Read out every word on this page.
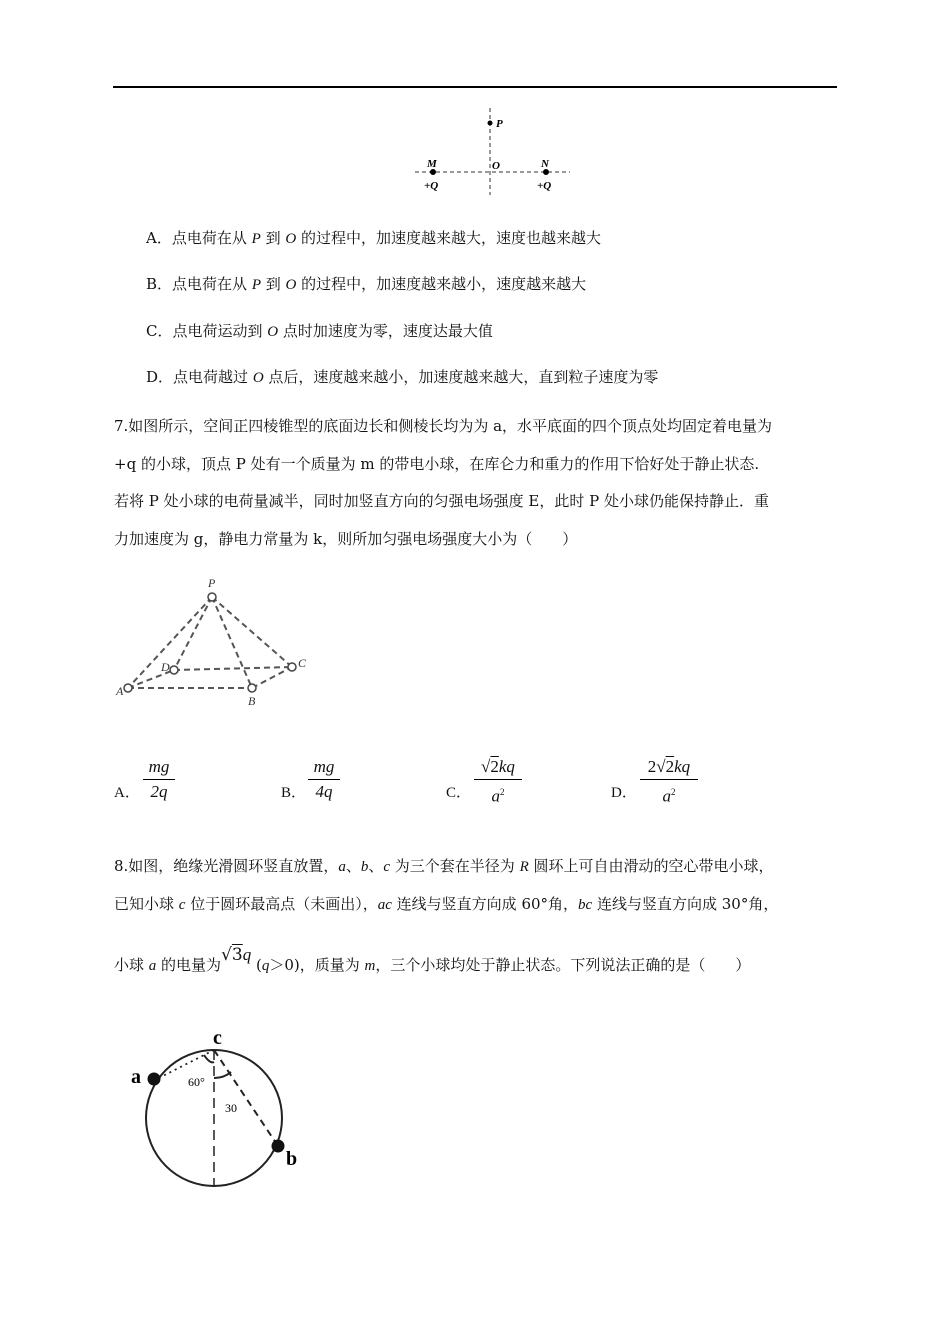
P
O
M	N
+Q	+Q
A．点电荷在从 P 到 O 的过程中，加速度越来越大，速度也越来越大
B．点电荷在从 P 到 O 的过程中，加速度越来越小，速度越来越大
C．点电荷运动到 O 点时加速度为零，速度达最大值
D．点电荷越过 O 点后，速度越来越小，加速度越来越大，直到粒子速度为零
7.如图所示，空间正四棱锥型的底面边长和侧棱长均为为 a，水平底面的四个顶点处均固定着电量为
+q 的小球，顶点 P 处有一个质量为 m 的带电小球，在库仑力和重力的作用下恰好处于静止状态.
若将 P 处小球的电荷量减半，同时加竖直方向的匀强电场强度 E，此时 P 处小球仍能保持静止．重
力加速度为 g，静电力常量为 k，则所加匀强电场强度大小为（　　）
P
D	C
B
A
A．
mg
2q	B．
mg
4q	C．
√2kq
$a^2$	D．
2√2kq
$a^2$
8.如图，绝缘光滑圆环竖直放置，a、b、c 为三个套在半径为 R 圆环上可自由滑动的空心带电小球，
已知小球 c 位于圆环最高点（未画出），ac 连线与竖直方向成 60°角，bc 连线与竖直方向成 30°角，
小球 a 的电量为√3q (q＞0)，质量为 m，三个小球均处于静止状态。下列说法正确的是（　　）
c
a
b
60°
30
